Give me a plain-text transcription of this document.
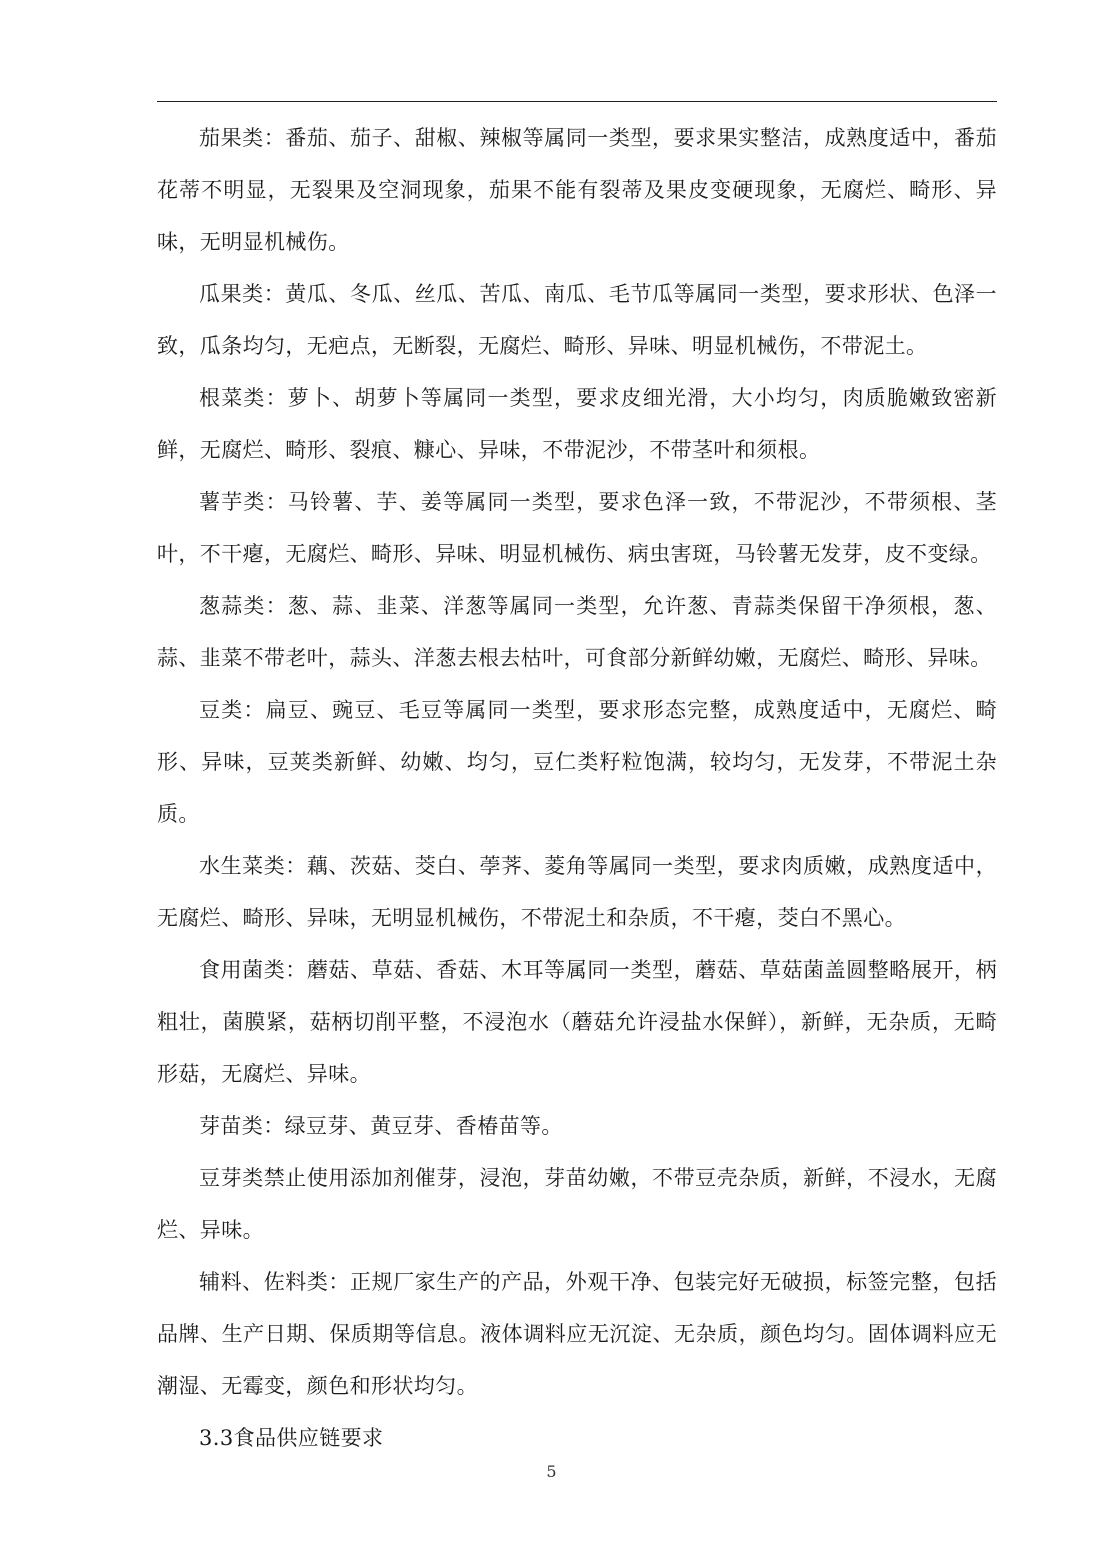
茄果类：番茄、茄子、甜椒、辣椒等属同一类型，要求果实整洁，成熟度适中，番茄花蒂不明显，无裂果及空洞现象，茄果不能有裂蒂及果皮变硬现象，无腐烂、畸形、异味，无明显机械伤。

瓜果类：黄瓜、冬瓜、丝瓜、苦瓜、南瓜、毛节瓜等属同一类型，要求形状、色泽一致，瓜条均匀，无疤点，无断裂，无腐烂、畸形、异味、明显机械伤，不带泥土。

根菜类：萝卜、胡萝卜等属同一类型，要求皮细光滑，大小均匀，肉质脆嫩致密新鲜，无腐烂、畸形、裂痕、糠心、异味，不带泥沙，不带茎叶和须根。

薯芋类：马铃薯、芋、姜等属同一类型，要求色泽一致，不带泥沙，不带须根、茎叶，不干瘪，无腐烂、畸形、异味、明显机械伤、病虫害斑，马铃薯无发芽，皮不变绿。

葱蒜类：葱、蒜、韭菜、洋葱等属同一类型，允许葱、青蒜类保留干净须根，葱、蒜、韭菜不带老叶，蒜头、洋葱去根去枯叶，可食部分新鲜幼嫩，无腐烂、畸形、异味。

豆类：扁豆、豌豆、毛豆等属同一类型，要求形态完整，成熟度适中，无腐烂、畸形、异味，豆荚类新鲜、幼嫩、均匀，豆仁类籽粒饱满，较均匀，无发芽，不带泥土杂质。

水生菜类：藕、茨菇、茭白、荸荠、菱角等属同一类型，要求肉质嫩，成熟度适中，无腐烂、畸形、异味，无明显机械伤，不带泥土和杂质，不干瘪，茭白不黑心。

食用菌类：蘑菇、草菇、香菇、木耳等属同一类型，蘑菇、草菇菌盖圆整略展开，柄粗壮，菌膜紧，菇柄切削平整，不浸泡水（蘑菇允许浸盐水保鲜），新鲜，无杂质，无畸形菇，无腐烂、异味。

芽苗类：绿豆芽、黄豆芽、香椿苗等。

豆芽类禁止使用添加剂催芽，浸泡，芽苗幼嫩，不带豆壳杂质，新鲜，不浸水，无腐烂、异味。

辅料、佐料类：正规厂家生产的产品，外观干净、包装完好无破损，标签完整，包括品牌、生产日期、保质期等信息。液体调料应无沉淀、无杂质，颜色均匀。固体调料应无潮湿、无霉变，颜色和形状均匀。

3.3食品供应链要求

5
